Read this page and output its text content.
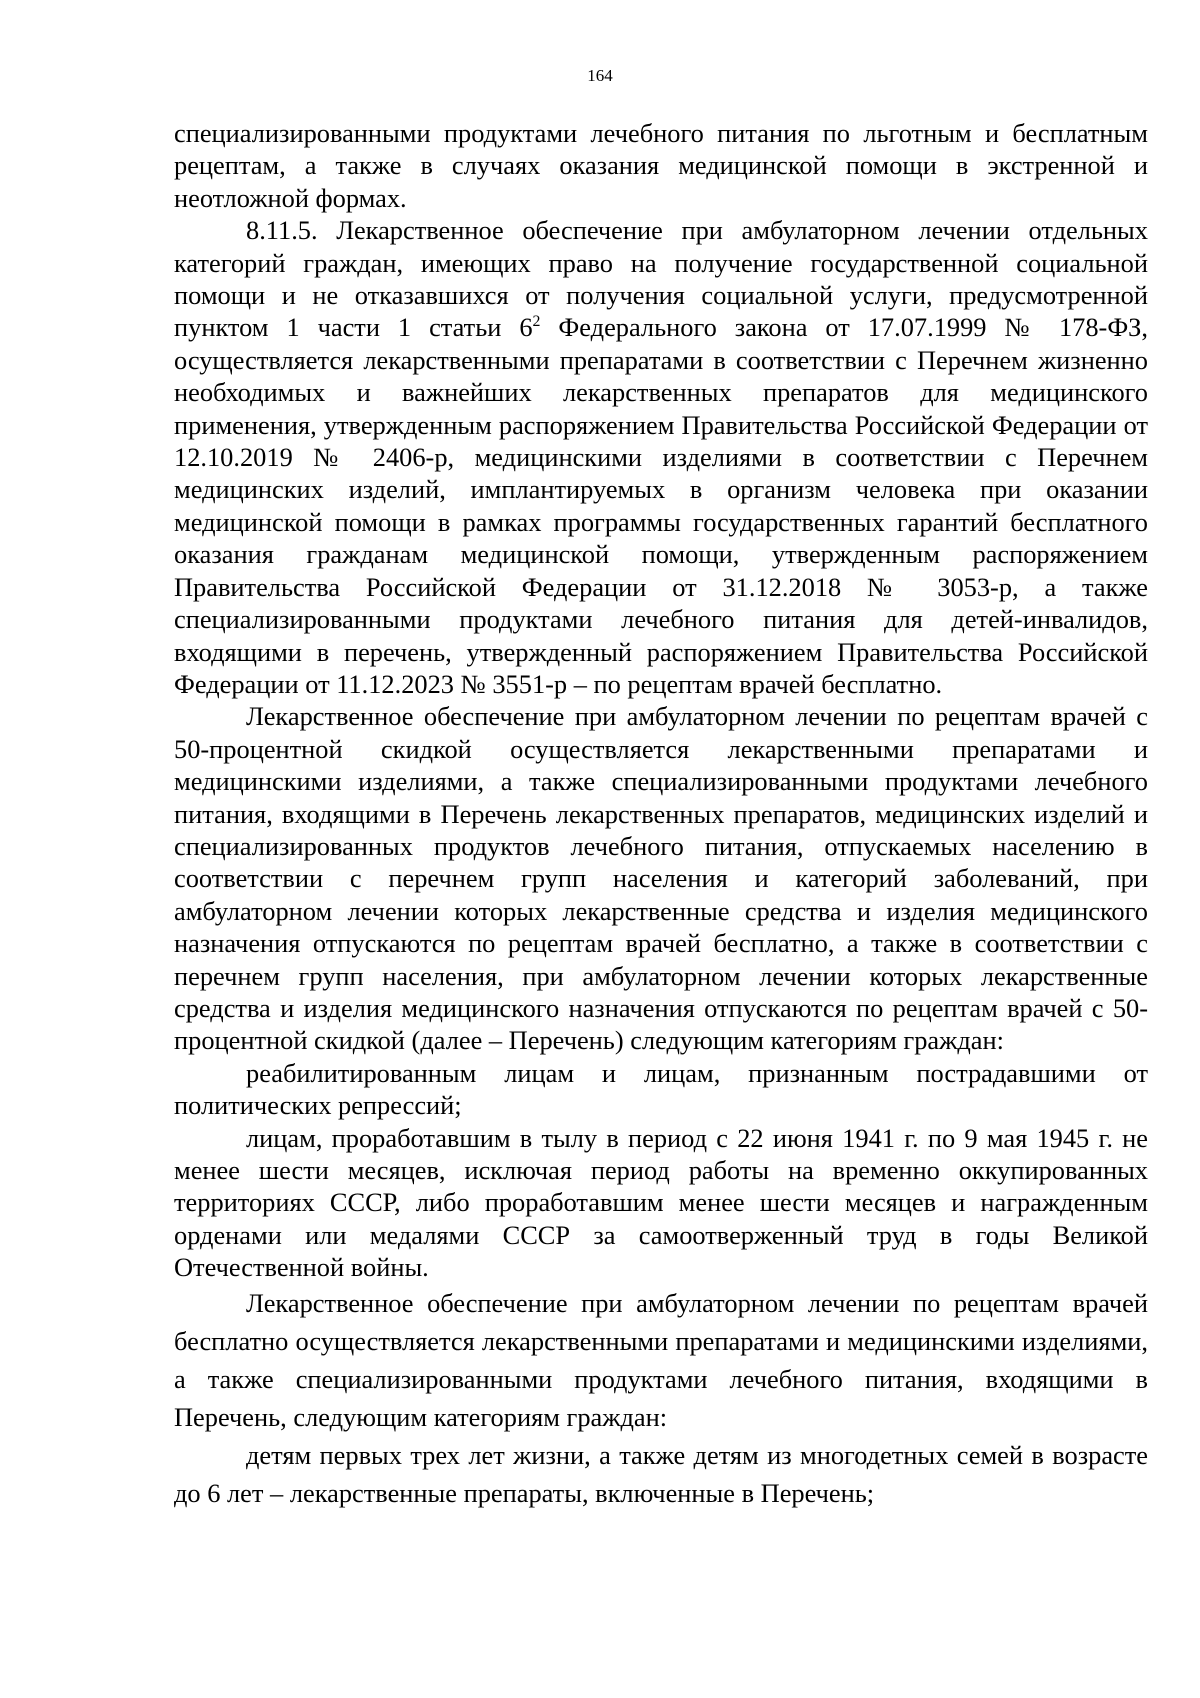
164

специализированными продуктами лечебного питания по льготным и бесплатным рецептам, а также в случаях оказания медицинской помощи в экстренной и неотложной формах.

8.11.5. Лекарственное обеспечение при амбулаторном лечении отдельных категорий граждан, имеющих право на получение государственной социальной помощи и не отказавшихся от получения социальной услуги, предусмотренной пунктом 1 части 1 статьи $6^2$ Федерального закона от 17.07.1999 № 178-ФЗ, осуществляется лекарственными препаратами в соответствии с Перечнем жизненно необходимых и важнейших лекарственных препаратов для медицинского применения, утвержденным распоряжением Правительства Российской Федерации от 12.10.2019 № 2406-р, медицинскими изделиями в соответствии с Перечнем медицинских изделий, имплантируемых в организм человека при оказании медицинской помощи в рамках программы государственных гарантий бесплатного оказания гражданам медицинской помощи, утвержденным распоряжением Правительства Российской Федерации от 31.12.2018 № 3053-р, а также специализированными продуктами лечебного питания для детей-инвалидов, входящими в перечень, утвержденный распоряжением Правительства Российской Федерации от 11.12.2023 № 3551-р – по рецептам врачей бесплатно.

Лекарственное обеспечение при амбулаторном лечении по рецептам врачей с 50-процентной скидкой осуществляется лекарственными препаратами и медицинскими изделиями, а также специализированными продуктами лечебного питания, входящими в Перечень лекарственных препаратов, медицинских изделий и специализированных продуктов лечебного питания, отпускаемых населению в соответствии с перечнем групп населения и категорий заболеваний, при амбулаторном лечении которых лекарственные средства и изделия медицинского назначения отпускаются по рецептам врачей бесплатно, а также в соответствии с перечнем групп населения, при амбулаторном лечении которых лекарственные средства и изделия медицинского назначения отпускаются по рецептам врачей с 50-процентной скидкой (далее – Перечень) следующим категориям граждан:

реабилитированным лицам и лицам, признанным пострадавшими от политических репрессий;

лицам, проработавшим в тылу в период с 22 июня 1941 г. по 9 мая 1945 г. не менее шести месяцев, исключая период работы на временно оккупированных территориях СССР, либо проработавшим менее шести месяцев и награжденным орденами или медалями СССР за самоотверженный труд в годы Великой Отечественной войны.

Лекарственное обеспечение при амбулаторном лечении по рецептам врачей бесплатно осуществляется лекарственными препаратами и медицинскими изделиями, а также специализированными продуктами лечебного питания, входящими в Перечень, следующим категориям граждан:

детям первых трех лет жизни, а также детям из многодетных семей в возрасте до 6 лет – лекарственные препараты, включенные в Перечень;
